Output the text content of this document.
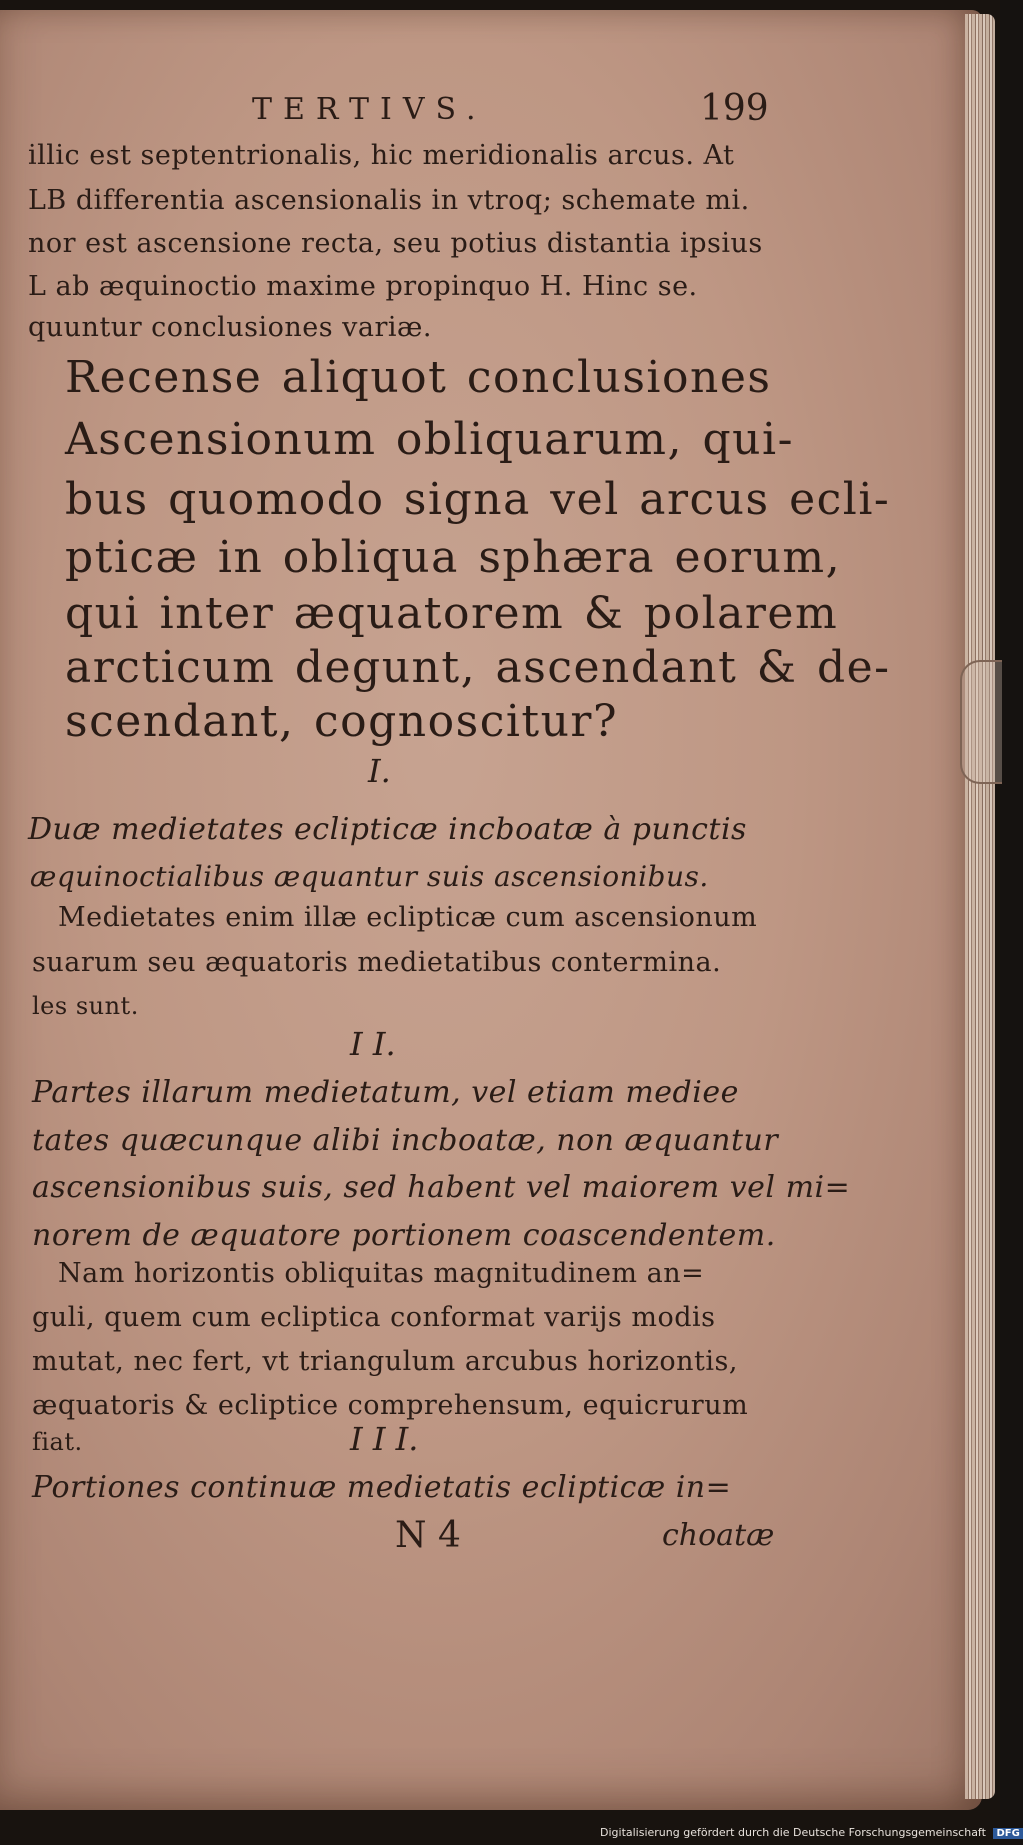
TERTIVS.	199
illic est septentrionalis, hic meridionalis arcus. At
LB differentia ascensionalis in vtroq; schemate mi.
nor est ascensione recta, seu potius distantia ipsius
L ab æquinoctio maxime propinquo H. Hinc se.
quuntur conclusiones variæ.
Recense aliquot conclusiones
Ascensionum obliquarum, qui-
bus quomodo signa vel arcus ecli-
pticæ in obliqua sphæra eorum,
qui inter æquatorem & polarem
arcticum degunt, ascendant & de-
scendant, cognoscitur?
I.
Duæ medietates eclipticæ incboatæ à punctis
æquinoctialibus æquantur suis ascensionibus.
Medietates enim illæ eclipticæ cum ascensionum
suarum seu æquatoris medietatibus contermina.
les sunt.
I I.
Partes illarum medietatum, vel etiam mediee
tates quæcunque alibi incboatæ, non æquantur
ascensionibus suis, sed habent vel maiorem vel mi=
norem de æquatore portionem coascendentem.
Nam horizontis obliquitas magnitudinem an=
guli, quem cum ecliptica conformat varijs modis
mutat, nec fert, vt triangulum arcubus horizontis,
æquatoris & ecliptice comprehensum, equicrurum
fiat.	I I I.
Portiones continuæ medietatis eclipticæ in=
N 4	choatæ
Digitalisierung gefördert durch die Deutsche Forschungsgemeinschaft DFG
